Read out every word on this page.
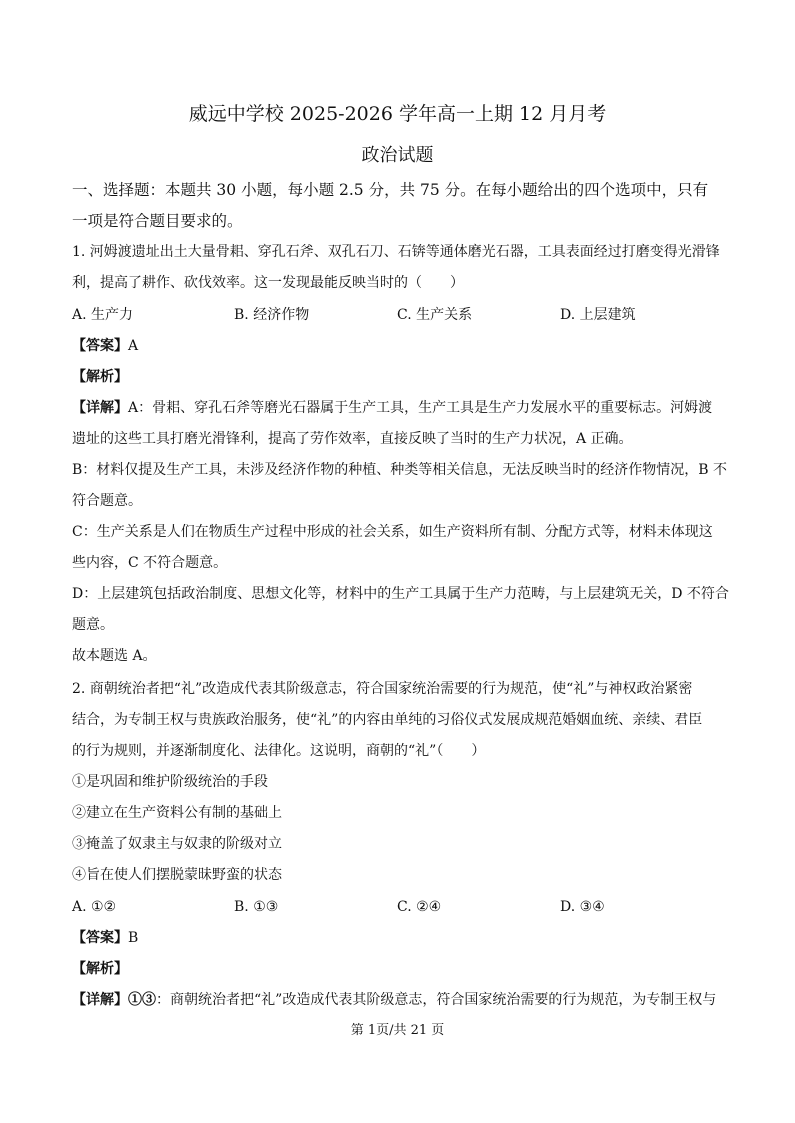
威远中学校 2025-2026 学年高一上期 12 月月考
政治试题
一、选择题：本题共 30 小题，每小题 2.5 分，共 75 分。在每小题给出的四个选项中，只有
一项是符合题目要求的。
1. 河姆渡遗址出土大量骨耜、穿孔石斧、双孔石刀、石锛等通体磨光石器，工具表面经过打磨变得光滑锋
利，提高了耕作、砍伐效率。这一发现最能反映当时的（　　）
A. 生产力	B. 经济作物	C. 生产关系	D. 上层建筑
【答案】A
【解析】
【详解】A：骨耜、穿孔石斧等磨光石器属于生产工具，生产工具是生产力发展水平的重要标志。河姆渡
遗址的这些工具打磨光滑锋利，提高了劳作效率，直接反映了当时的生产力状况，A 正确。
B：材料仅提及生产工具，未涉及经济作物的种植、种类等相关信息，无法反映当时的经济作物情况，B 不
符合题意。
C：生产关系是人们在物质生产过程中形成的社会关系，如生产资料所有制、分配方式等，材料未体现这
些内容，C 不符合题意。
D：上层建筑包括政治制度、思想文化等，材料中的生产工具属于生产力范畴，与上层建筑无关，D 不符合
题意。
故本题选 A。
2. 商朝统治者把“礼”改造成代表其阶级意志，符合国家统治需要的行为规范，使“礼”与神权政治紧密
结合，为专制王权与贵族政治服务，使“礼”的内容由单纯的习俗仪式发展成规范婚姻血统、亲续、君臣
的行为规则，并逐渐制度化、法律化。这说明，商朝的“礼”（　　）
①是巩固和维护阶级统治的手段
②建立在生产资料公有制的基础上
③掩盖了奴隶主与奴隶的阶级对立
④旨在使人们摆脱蒙昧野蛮的状态
A. ①②	B. ①③	C. ②④	D. ③④
【答案】B
【解析】
【详解】①③：商朝统治者把“礼”改造成代表其阶级意志，符合国家统治需要的行为规范，为专制王权与
第 1页/共 21 页
